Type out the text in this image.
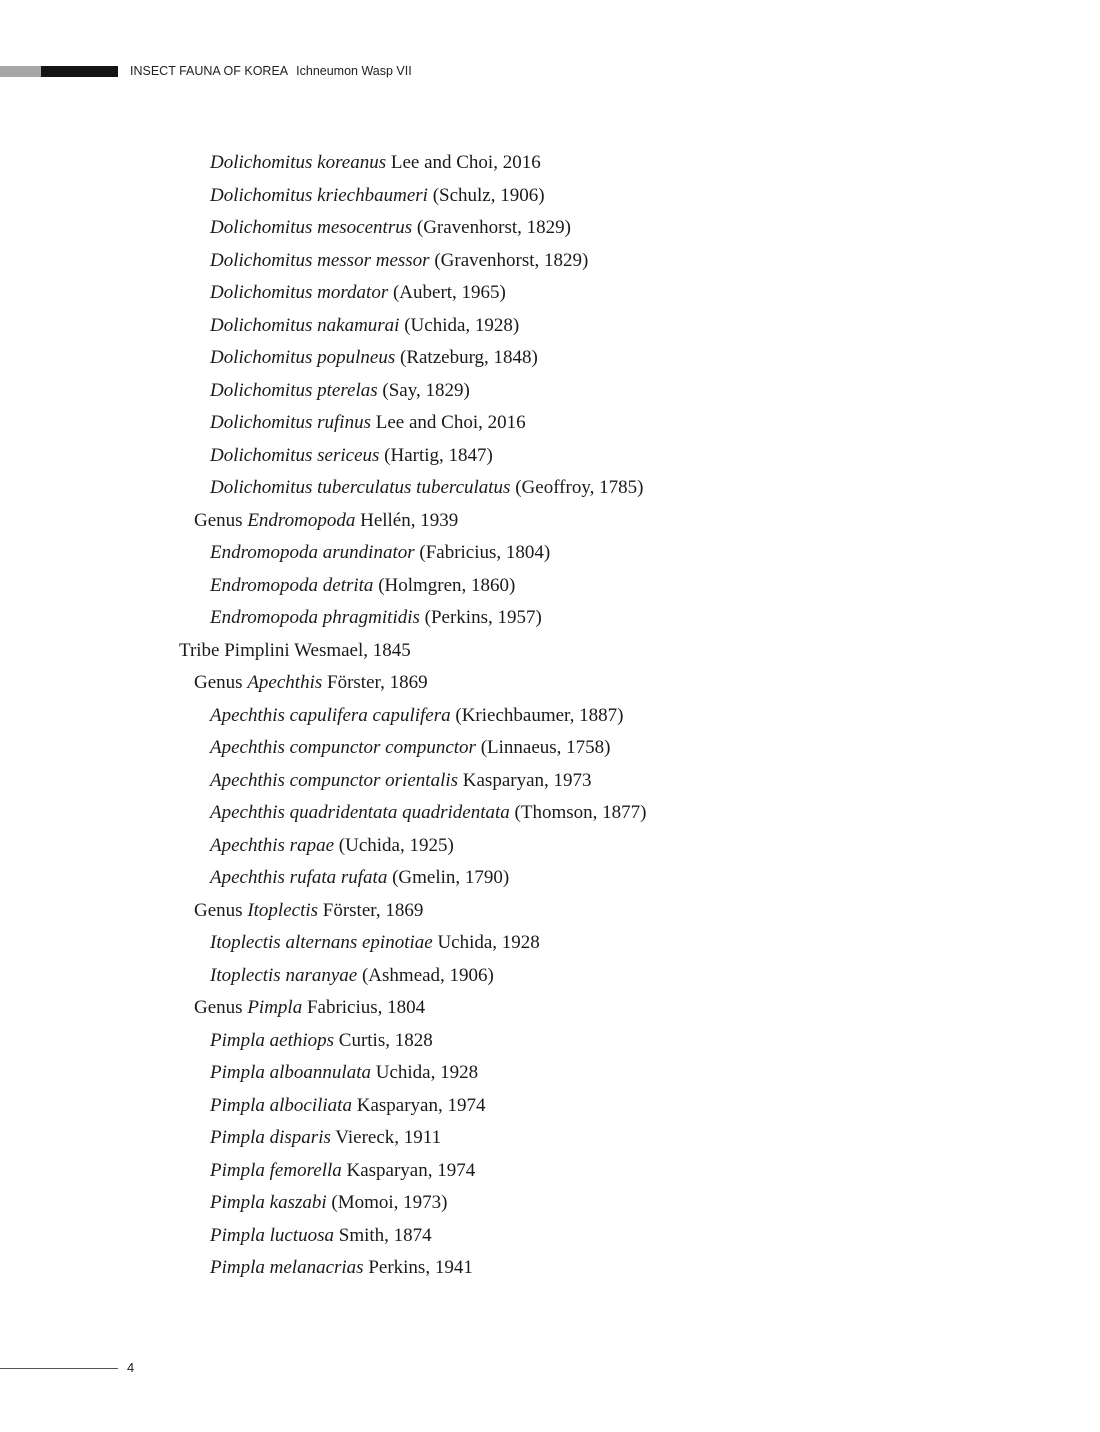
INSECT FAUNA OF KOREA Ichneumon Wasp VII
Dolichomitus koreanus Lee and Choi, 2016
Dolichomitus kriechbaumeri (Schulz, 1906)
Dolichomitus mesocentrus (Gravenhorst, 1829)
Dolichomitus messor messor (Gravenhorst, 1829)
Dolichomitus mordator (Aubert, 1965)
Dolichomitus nakamurai (Uchida, 1928)
Dolichomitus populneus (Ratzeburg, 1848)
Dolichomitus pterelas (Say, 1829)
Dolichomitus rufinus Lee and Choi, 2016
Dolichomitus sericeus (Hartig, 1847)
Dolichomitus tuberculatus tuberculatus (Geoffroy, 1785)
Genus Endromopoda Hellén, 1939
Endromopoda arundinator (Fabricius, 1804)
Endromopoda detrita (Holmgren, 1860)
Endromopoda phragmitidis (Perkins, 1957)
Tribe Pimplini Wesmael, 1845
Genus Apechthis Förster, 1869
Apechthis capulifera capulifera (Kriechbaumer, 1887)
Apechthis compunctor compunctor (Linnaeus, 1758)
Apechthis compunctor orientalis Kasparyan, 1973
Apechthis quadridentata quadridentata (Thomson, 1877)
Apechthis rapae (Uchida, 1925)
Apechthis rufata rufata (Gmelin, 1790)
Genus Itoplectis Förster, 1869
Itoplectis alternans epinotiae Uchida, 1928
Itoplectis naranyae (Ashmead, 1906)
Genus Pimpla Fabricius, 1804
Pimpla aethiops Curtis, 1828
Pimpla alboannulata Uchida, 1928
Pimpla albociliata Kasparyan, 1974
Pimpla disparis Viereck, 1911
Pimpla femorella Kasparyan, 1974
Pimpla kaszabi (Momoi, 1973)
Pimpla luctuosa Smith, 1874
Pimpla melanacrias Perkins, 1941
4
